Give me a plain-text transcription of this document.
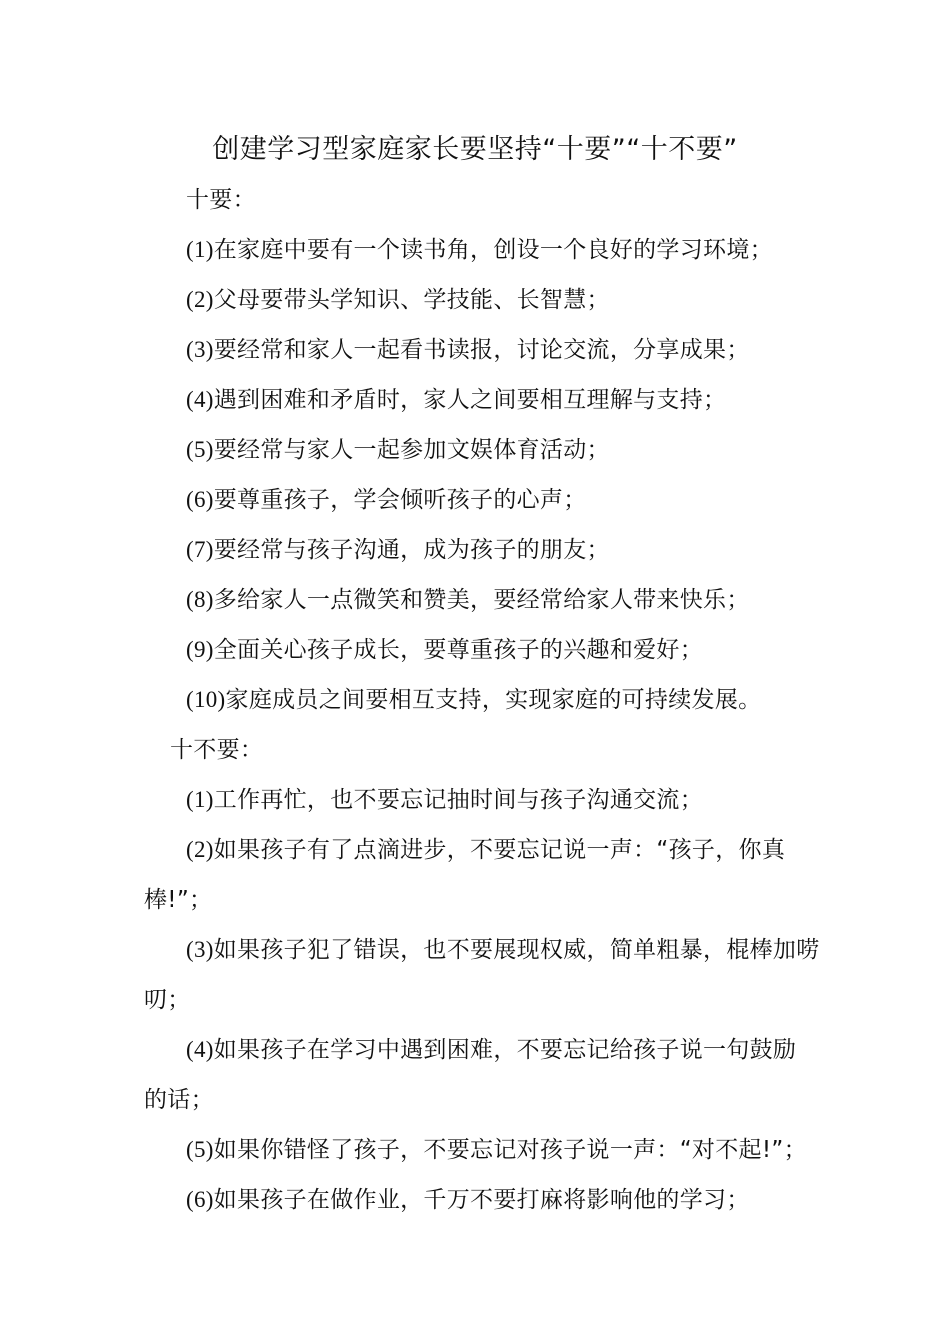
创建学习型家庭家长要坚持“十要”“十不要”
十要：
(1)在家庭中要有一个读书角，创设一个良好的学习环境；
(2)父母要带头学知识、学技能、长智慧；
(3)要经常和家人一起看书读报，讨论交流，分享成果；
(4)遇到困难和矛盾时，家人之间要相互理解与支持；
(5)要经常与家人一起参加文娱体育活动；
(6)要尊重孩子，学会倾听孩子的心声；
(7)要经常与孩子沟通，成为孩子的朋友；
(8)多给家人一点微笑和赞美，要经常给家人带来快乐；
(9)全面关心孩子成长，要尊重孩子的兴趣和爱好；
(10)家庭成员之间要相互支持，实现家庭的可持续发展。
十不要：
(1)工作再忙，也不要忘记抽时间与孩子沟通交流；
(2)如果孩子有了点滴进步，不要忘记说一声：“孩子，你真
棒!”；
(3)如果孩子犯了错误，也不要展现权威，简单粗暴，棍棒加唠
叨；
(4)如果孩子在学习中遇到困难，不要忘记给孩子说一句鼓励
的话；
(5)如果你错怪了孩子，不要忘记对孩子说一声：“对不起!”；
(6)如果孩子在做作业，千万不要打麻将影响他的学习；
